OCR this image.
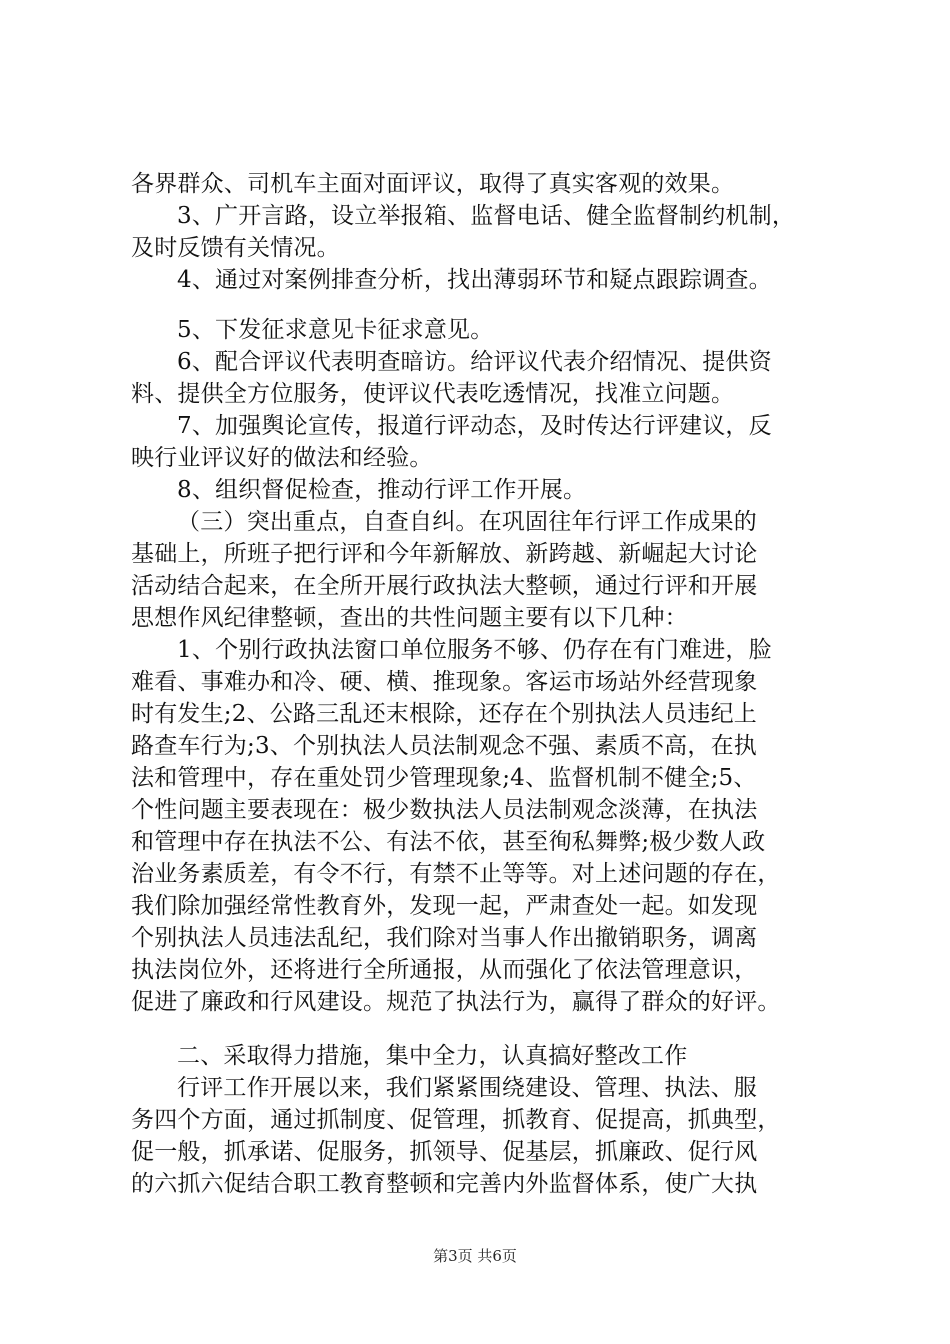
各界群众、司机车主面对面评议，取得了真实客观的效果。
3、广开言路，设立举报箱、监督电话、健全监督制约机制，
及时反馈有关情况。
4、通过对案例排查分析，找出薄弱环节和疑点跟踪调查。
5、下发征求意见卡征求意见。
6、配合评议代表明查暗访。给评议代表介绍情况、提供资
料、提供全方位服务，使评议代表吃透情况，找准立问题。
7、加强舆论宣传，报道行评动态，及时传达行评建议，反
映行业评议好的做法和经验。
8、组织督促检查，推动行评工作开展。
（三）突出重点，自查自纠。在巩固往年行评工作成果的
基础上，所班子把行评和今年新解放、新跨越、新崛起大讨论
活动结合起来，在全所开展行政执法大整顿，通过行评和开展
思想作风纪律整顿，查出的共性问题主要有以下几种：
1、个别行政执法窗口单位服务不够、仍存在有门难进，脸
难看、事难办和冷、硬、横、推现象。客运市场站外经营现象
时有发生;2、公路三乱还末根除，还存在个别执法人员违纪上
路查车行为;3、个别执法人员法制观念不强、素质不高，在执
法和管理中，存在重处罚少管理现象;4、监督机制不健全;5、
个性问题主要表现在：极少数执法人员法制观念淡薄，在执法
和管理中存在执法不公、有法不依，甚至徇私舞弊;极少数人政
治业务素质差，有令不行，有禁不止等等。对上述问题的存在，
我们除加强经常性教育外，发现一起，严肃查处一起。如发现
个别执法人员违法乱纪，我们除对当事人作出撤销职务，调离
执法岗位外，还将进行全所通报，从而强化了依法管理意识，
促进了廉政和行风建设。规范了执法行为，赢得了群众的好评。
二、采取得力措施，集中全力，认真搞好整改工作
行评工作开展以来，我们紧紧围绕建设、管理、执法、服
务四个方面，通过抓制度、促管理，抓教育、促提高，抓典型，
促一般，抓承诺、促服务，抓领导、促基层，抓廉政、促行风
的六抓六促结合职工教育整顿和完善内外监督体系，使广大执
第3页 共6页
